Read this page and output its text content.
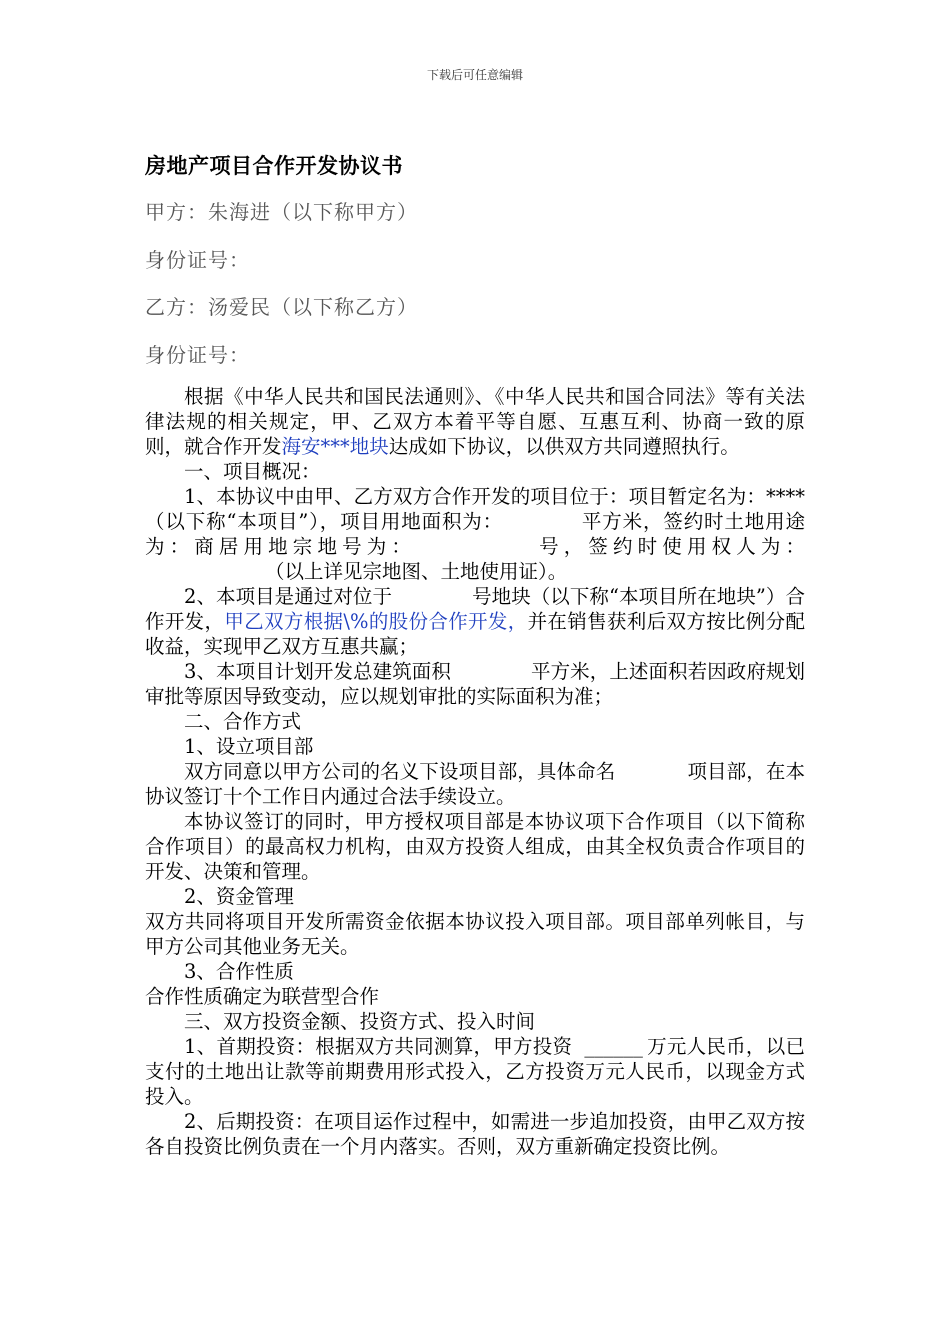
下载后可任意编辑
房地产项目合作开发协议书
甲方：朱海进（以下称甲方）
身份证号：
乙方：汤爱民（以下称乙方）
身份证号：

根据《中华人民共和国民法通则》、《中华人民共和国合同法》等有关法律法规的相关规定，甲、乙双方本着平等自愿、互惠互利、协商一致的原则，就合作开发海安***地块达成如下协议，以供双方共同遵照执行。

一、项目概况：

1、本协议中由甲、乙方双方合作开发的项目位于：项目暂定名为：****（以下称“本项目”），项目用地面积为：	平方米，签约时土地用途为：商居用地宗地号为：	号，签约时使用权人为：（以上详见宗地图、土地使用证）。

2、本项目是通过对位于	号地块（以下称“本项目所在地块”）合作开发，甲乙双方根据\%的股份合作开发，并在销售获利后双方按比例分配收益，实现甲乙双方互惠共赢；

3、本项目计划开发总建筑面积	平方米，上述面积若因政府规划审批等原因导致变动，应以规划审批的实际面积为准；

二、合作方式

1、设立项目部

双方同意以甲方公司的名义下设项目部，具体命名	项目部，在本协议签订十个工作日内通过合法手续设立。

本协议签订的同时，甲方授权项目部是本协议项下合作项目（以下简称合作项目）的最高权力机构，由双方投资人组成，由其全权负责合作项目的开发、决策和管理。

2、资金管理

双方共同将项目开发所需资金依据本协议投入项目部。项目部单列帐目，与甲方公司其他业务无关。

3、合作性质

合作性质确定为联营型合作

三、双方投资金额、投资方式、投入时间

1、首期投资：根据双方共同测算，甲方投资 ______ 万元人民币，以已支付的土地出让款等前期费用形式投入，乙方投资万元人民币，以现金方式投入。

2、后期投资：在项目运作过程中，如需进一步追加投资，由甲乙双方按各自投资比例负责在一个月内落实。否则，双方重新确定投资比例。
